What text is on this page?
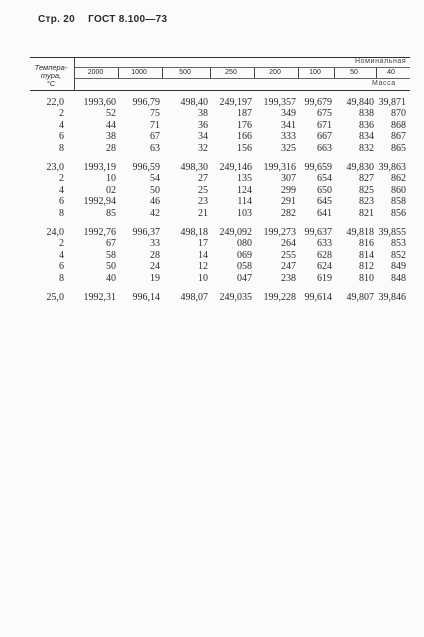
Стр. 20 ГОСТ 8.100—73
Номинальная
Масса
Темпера-
тура,
°С
2000	1000	500	250	200	100	50	40
22,0	1993,60	996,79	498,40	249,197	199,357 99,679	49,840 39,871
2	52	75	38	187	349	675	838	870
4	44	71	36	176	341	671	836	868
6	38	67	34	166	333	667	834	867
8	28	63	32	156	325	663	832	865
23,0	1993,19	996,59	498,30	249,146	199,316 99,659	49,830 39,863
2	10	54	27	135	307	654	827	862
4	02	50	25	124	299	650	825	860
6	1992,94	46	23	114	291	645	823	858
8	85	42	21	103	282	641	821	856
24,0	1992,76	996,37	498,18	249,092	199,273 99,637	49,818 39,855
2	67	33	17	080	264	633	816	853
4	58	28	14	069	255	628	814	852
6	50	24	12	058	247	624	812	849
8	40	19	10	047	238	619	810	848
25,0	1992,31	996,14	498,07	249,035	199,228 99,614	49,807 39,846
